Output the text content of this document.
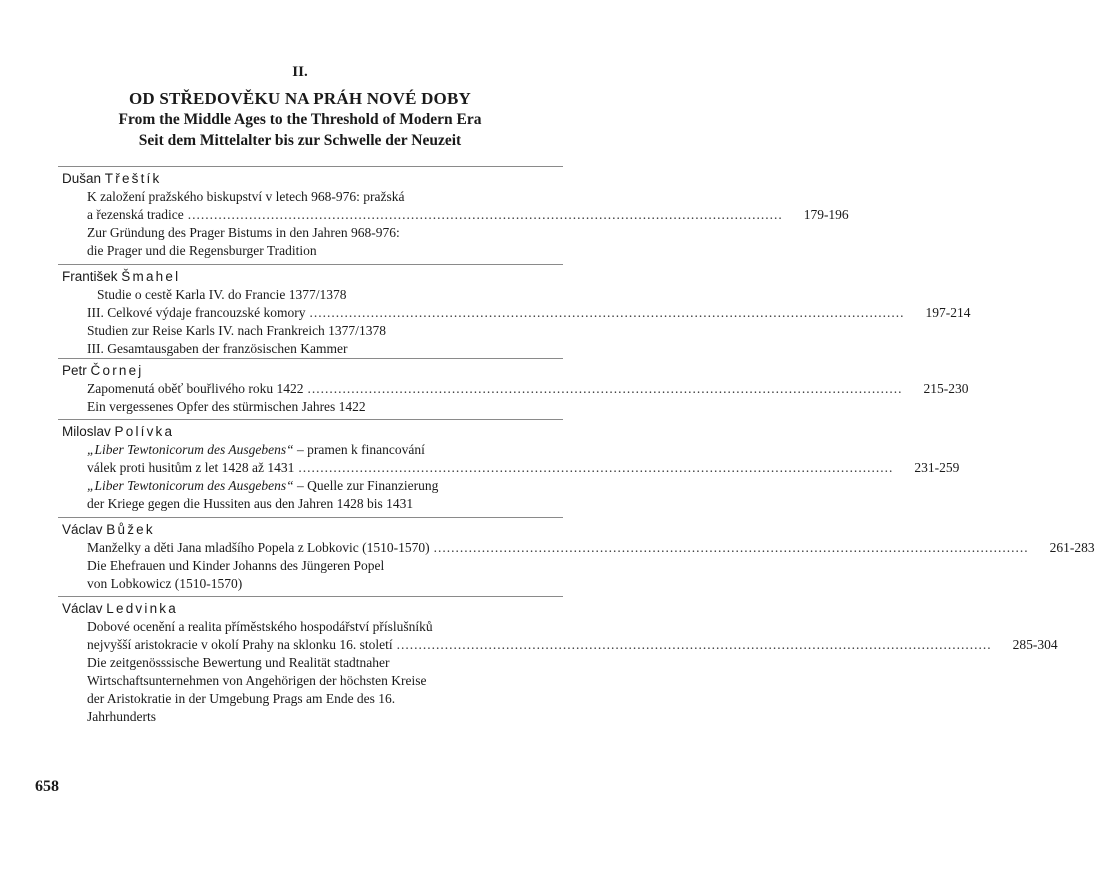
II.
OD STŘEDOVĚKU NA PRÁH NOVÉ DOBY
From the Middle Ages to the Threshold of Modern Era
Seit dem Mittelalter bis zur Schwelle der Neuzeit
Dušan Třeštík
K založení pražského biskupství v letech 968-976: pražská
a řezenská tradice ........................................................................................................................................	179-196
Zur Gründung des Prager Bistums in den Jahren 968-976:
die Prager und die Regensburger Tradition
František Šmahel
Studie o cestě Karla IV. do Francie 1377/1378
III. Celkové výdaje francouzské komory ........................................................................................................................................	197-214
Studien zur Reise Karls IV. nach Frankreich 1377/1378
III. Gesamtausgaben der französischen Kammer
Petr Čornej
Zapomenutá oběť bouřlivého roku 1422 ........................................................................................................................................	215-230
Ein vergessenes Opfer des stürmischen Jahres 1422
Miloslav Polívka
„Liber Tewtonicorum des Ausgebens“ – pramen k financování
válek proti husitům z let 1428 až 1431 ........................................................................................................................................	231-259
„Liber Tewtonicorum des Ausgebens“ – Quelle zur Finanzierung
der Kriege gegen die Hussiten aus den Jahren 1428 bis 1431
Václav Bůžek
Manželky a děti Jana mladšího Popela z Lobkovic (1510-1570) ........................................................................................................................................	261-283
Die Ehefrauen und Kinder Johanns des Jüngeren Popel
von Lobkowicz (1510-1570)
Václav Ledvinka
Dobové ocenění a realita příměstského hospodářství příslušníků
nejvyšší aristokracie v okolí Prahy na sklonku 16. století ........................................................................................................................................	285-304
Die zeitgenösssische Bewertung und Realität stadtnaher
Wirtschaftsunternehmen von Angehörigen der höchsten Kreise
der Aristokratie in der Umgebung Prags am Ende des 16.
Jahrhunderts
658
